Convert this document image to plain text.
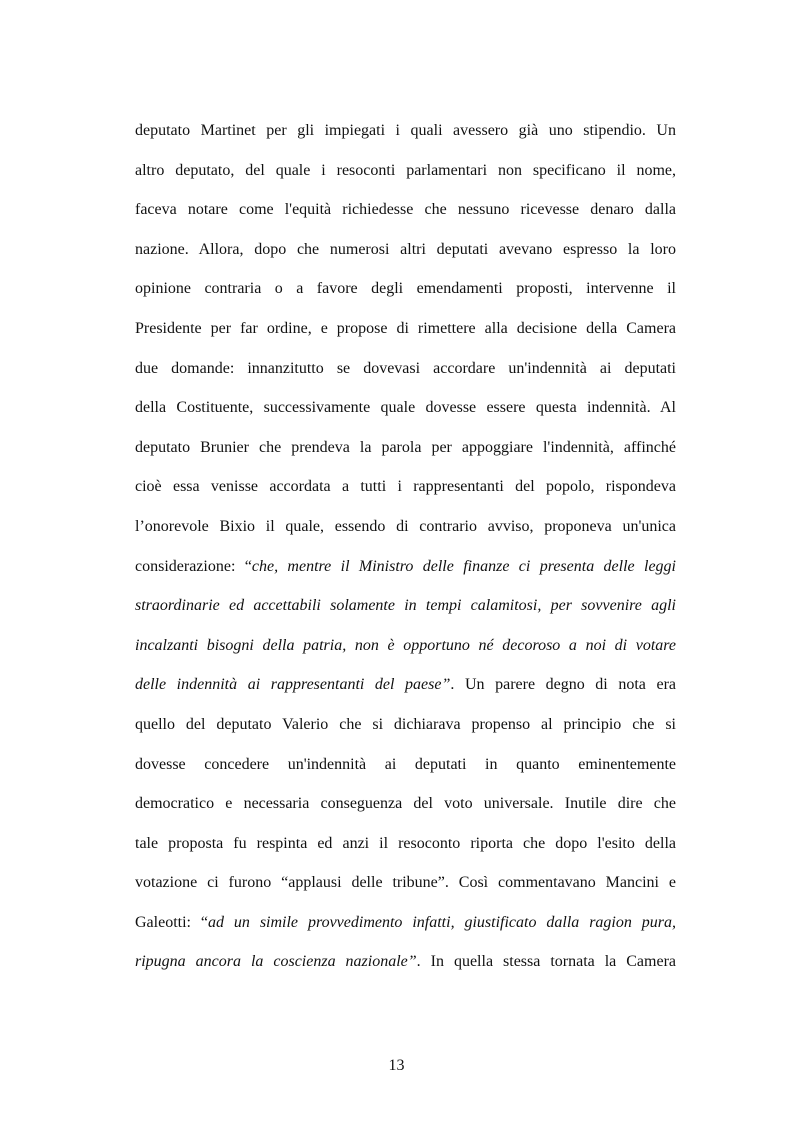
deputato Martinet per gli impiegati i quali avessero già uno stipendio. Un
altro deputato, del quale i resoconti parlamentari non specificano il nome,
faceva notare come l'equità richiedesse che nessuno ricevesse denaro dalla
nazione. Allora, dopo che numerosi altri deputati avevano espresso la loro
opinione contraria o a favore degli emendamenti proposti, intervenne il
Presidente per far ordine, e propose di rimettere alla decisione della Camera
due domande: innanzitutto se dovevasi accordare un'indennità ai deputati
della Costituente, successivamente quale dovesse essere questa indennità. Al
deputato Brunier che prendeva la parola per appoggiare l'indennità, affinché
cioè essa venisse accordata a tutti i rappresentanti del popolo, rispondeva
l’onorevole Bixio il quale, essendo di contrario avviso, proponeva un'unica
considerazione: “che, mentre il Ministro delle finanze ci presenta delle leggi
straordinarie ed accettabili solamente in tempi calamitosi, per sovvenire agli
incalzanti bisogni della patria, non è opportuno né decoroso a noi di votare
delle indennità ai rappresentanti del paese”. Un parere degno di nota era
quello del deputato Valerio che si dichiarava propenso al principio che si
dovesse concedere un'indennità ai deputati in quanto eminentemente
democratico e necessaria conseguenza del voto universale. Inutile dire che
tale proposta fu respinta ed anzi il resoconto riporta che dopo l'esito della
votazione ci furono “applausi delle tribune”. Così commentavano Mancini e
Galeotti: “ad un simile provvedimento infatti, giustificato dalla ragion pura,
ripugna ancora la coscienza nazionale”. In quella stessa tornata la Camera
13
